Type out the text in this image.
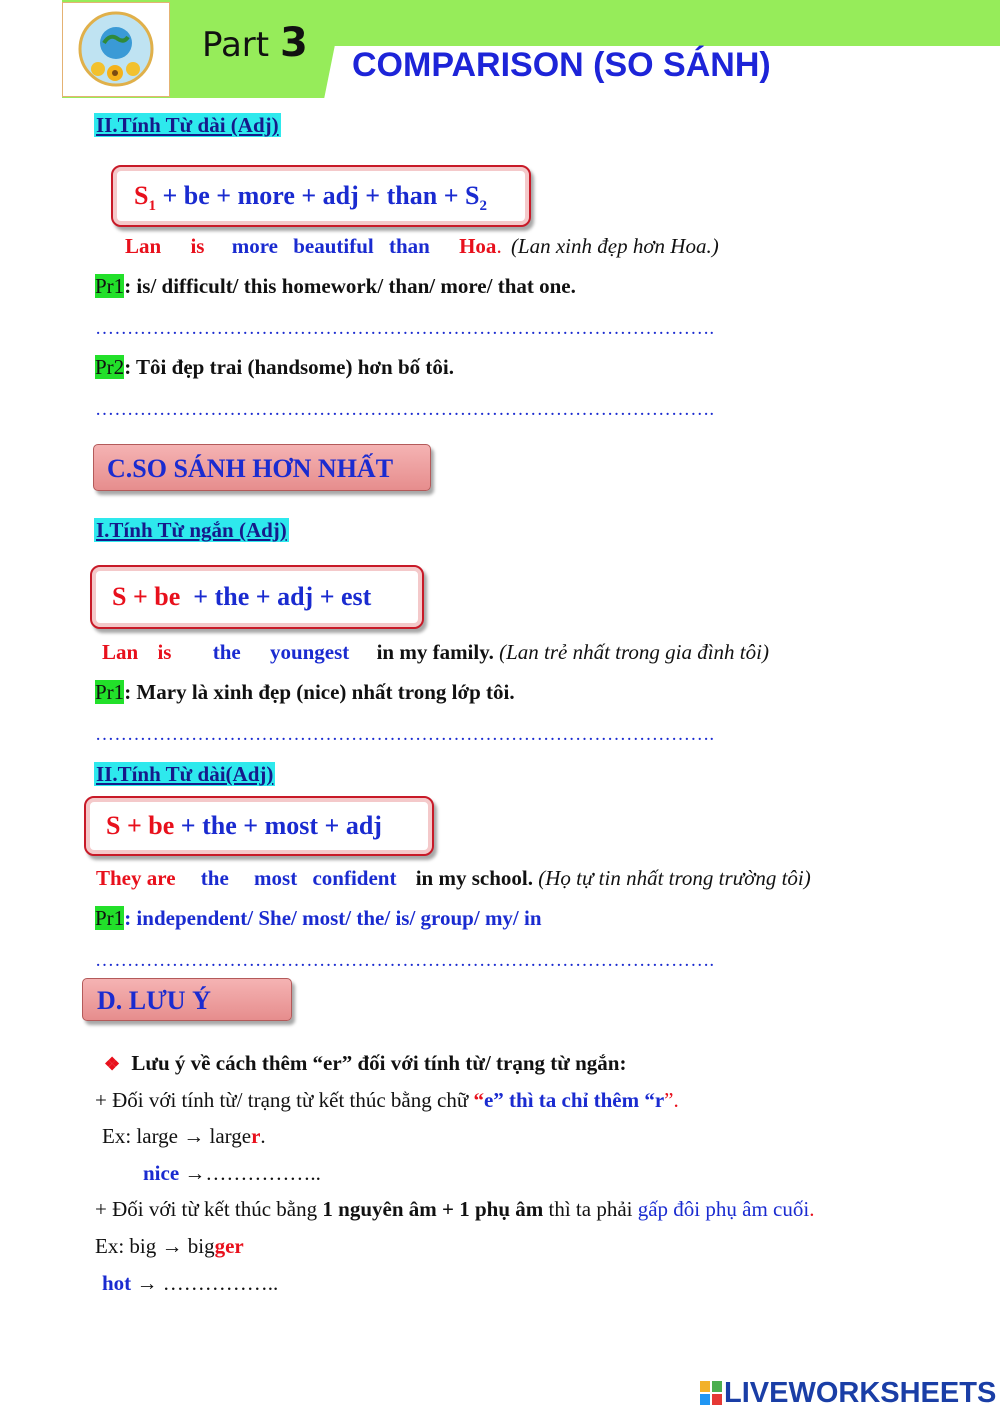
Part 3 COMPARISON (SO SÁNH)
II.Tính Từ dài (Adj)
$S_1$ + be + more + adj + than + $S_2$
Lan is more beautiful than Hoa. (Lan xinh đẹp hơn Hoa.)
Pr1: is/ difficult/ this homework/ than/ more/ that one.
…………………………………………………………………………………….
Pr2: Tôi đẹp trai (handsome) hơn bố tôi.
…………………………………………………………………………………….
C.SO SÁNH HƠN NHẤT
I.Tính Từ ngắn (Adj)
S + be  + the + adj + est
Lan is the youngest in my family. (Lan trẻ nhất trong gia đình tôi)
Pr1: Mary là xinh đẹp (nice) nhất trong lớp tôi.
…………………………………………………………………………………….
II.Tính Từ dài(Adj)
S + be + the + most + adj
They are the most confident in my school. (Họ tự tin nhất trong trường tôi)
Pr1: independent/ She/ most/ the/ is/ group/ my/ in
…………………………………………………………………………………….
D. LƯU Ý
❖ Lưu ý về cách thêm “er” đối với tính từ/ trạng từ ngắn:
+ Đối với tính từ/ trạng từ kết thúc bằng chữ “e” thì ta chỉ thêm “r”.
Ex: large → larger.
nice →……………..
+ Đối với từ kết thúc bằng 1 nguyên âm + 1 phụ âm thì ta phải gấp đôi phụ âm cuối.
Ex: big → bigger
hot → ……………..
LIVEWORKSHEETS
